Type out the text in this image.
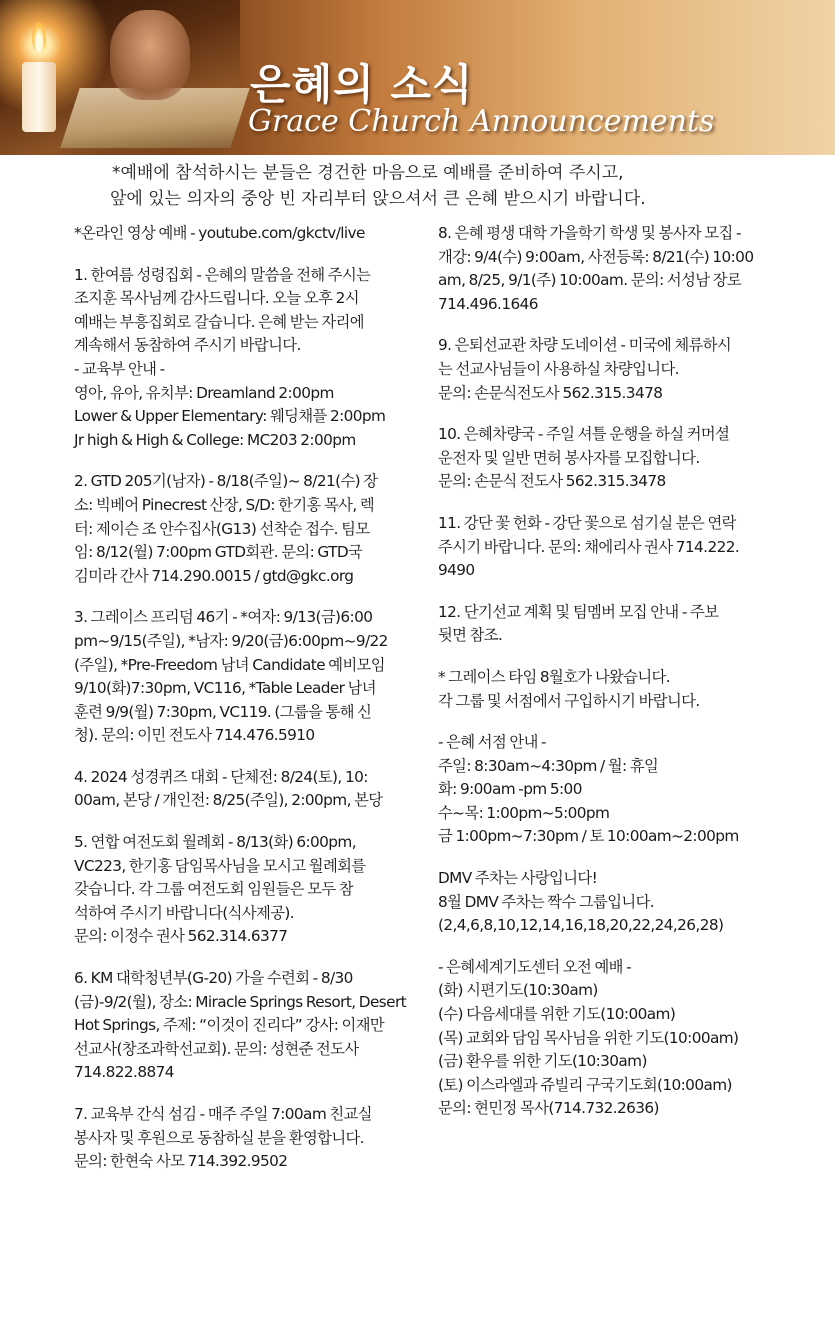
은혜의 소식
Grace Church Announcements
*예배에 참석하시는 분들은 경건한 마음으로 예배를 준비하여 주시고,
앞에 있는 의자의 중앙 빈 자리부터 앉으셔서 큰 은혜 받으시기 바랍니다.
*온라인 영상 예배 - youtube.com/gkctv/live
1. 한여름 성령집회 - 은혜의 말씀을 전해 주시는
조지훈 목사님께 감사드립니다. 오늘 오후 2시
예배는 부흥집회로 갈습니다. 은혜 받는 자리에
계속해서 동참하여 주시기 바랍니다.
- 교육부 안내 -
영아, 유아, 유치부: Dreamland 2:00pm
Lower & Upper Elementary: 웨딩채플 2:00pm
Jr high & High & College: MC203 2:00pm
2. GTD 205기(남자) - 8/18(주일)~ 8/21(수) 장
소: 빅베어 Pinecrest 산장, S/D: 한기홍 목사, 렉
터: 제이슨 조 안수집사(G13) 선착순 접수. 팀모
임: 8/12(월) 7:00pm GTD회관. 문의: GTD국
김미라 간사 714.290.0015 / gtd@gkc.org
3. 그레이스 프리덤 46기 - *여자: 9/13(금)6:00
pm~9/15(주일), *남자: 9/20(금)6:00pm~9/22
(주일), *Pre-Freedom 남녀 Candidate 예비모임
9/10(화)7:30pm, VC116, *Table Leader 남녀
훈련 9/9(월) 7:30pm, VC119. (그룹을 통해 신
청). 문의: 이민 전도사 714.476.5910
4. 2024 성경퀴즈 대회 - 단체전: 8/24(토), 10:
00am, 본당 / 개인전: 8/25(주일), 2:00pm, 본당
5. 연합 여전도회 월례회 - 8/13(화) 6:00pm,
VC223, 한기홍 담임목사님을 모시고 월례회를
갖습니다. 각 그룹 여전도회 임원들은 모두 참
석하여 주시기 바랍니다(식사제공).
문의: 이정수 권사 562.314.6377
6. KM 대학청년부(G-20) 가을 수련회 - 8/30
(금)-9/2(월), 장소: Miracle Springs Resort, Desert
Hot Springs, 주제: “이것이 진리다” 강사: 이재만
선교사(창조과학선교회). 문의: 성현준 전도사
714.822.8874
7. 교육부 간식 섬김 - 매주 주일 7:00am 친교실
봉사자 및 후원으로 동참하실 분을 환영합니다.
문의: 한현숙 사모 714.392.9502
8. 은혜 평생 대학 가을학기 학생 및 봉사자 모집 -
개강: 9/4(수) 9:00am, 사전등록: 8/21(수) 10:00
am, 8/25, 9/1(주) 10:00am. 문의: 서성남 장로
714.496.1646
9. 은퇴선교관 차량 도네이션 - 미국에 체류하시
는 선교사님들이 사용하실 차량입니다.
문의: 손문식전도사 562.315.3478
10. 은혜차량국 - 주일 셔틀 운행을 하실 커머셜
운전자 및 일반 면허 봉사자를 모집합니다.
문의: 손문식 전도사 562.315.3478
11. 강단 꽃 헌화 - 강단 꽃으로 섬기실 분은 연락
주시기 바랍니다. 문의: 채에리사 권사 714.222.
9490
12. 단기선교 계획 및 팀멤버 모집 안내 - 주보
뒷면 참조.
* 그레이스 타임 8월호가 나왔습니다.
각 그룹 및 서점에서 구입하시기 바랍니다.
- 은혜 서점 안내 -
주일: 8:30am~4:30pm / 월: 휴일
화: 9:00am -pm 5:00
수~목: 1:00pm~5:00pm
금 1:00pm~7:30pm / 토 10:00am~2:00pm
DMV 주차는 사랑입니다!
8월 DMV 주차는 짝수 그룹입니다.
(2,4,6,8,10,12,14,16,18,20,22,24,26,28)
- 은혜세계기도센터 오전 예배 -
(화) 시편기도(10:30am)
(수) 다음세대를 위한 기도(10:00am)
(목) 교회와 담임 목사님을 위한 기도(10:00am)
(금) 환우를 위한 기도(10:30am)
(토) 이스라엘과 쥬빌리 구국기도회(10:00am)
문의: 현민정 목사(714.732.2636)
